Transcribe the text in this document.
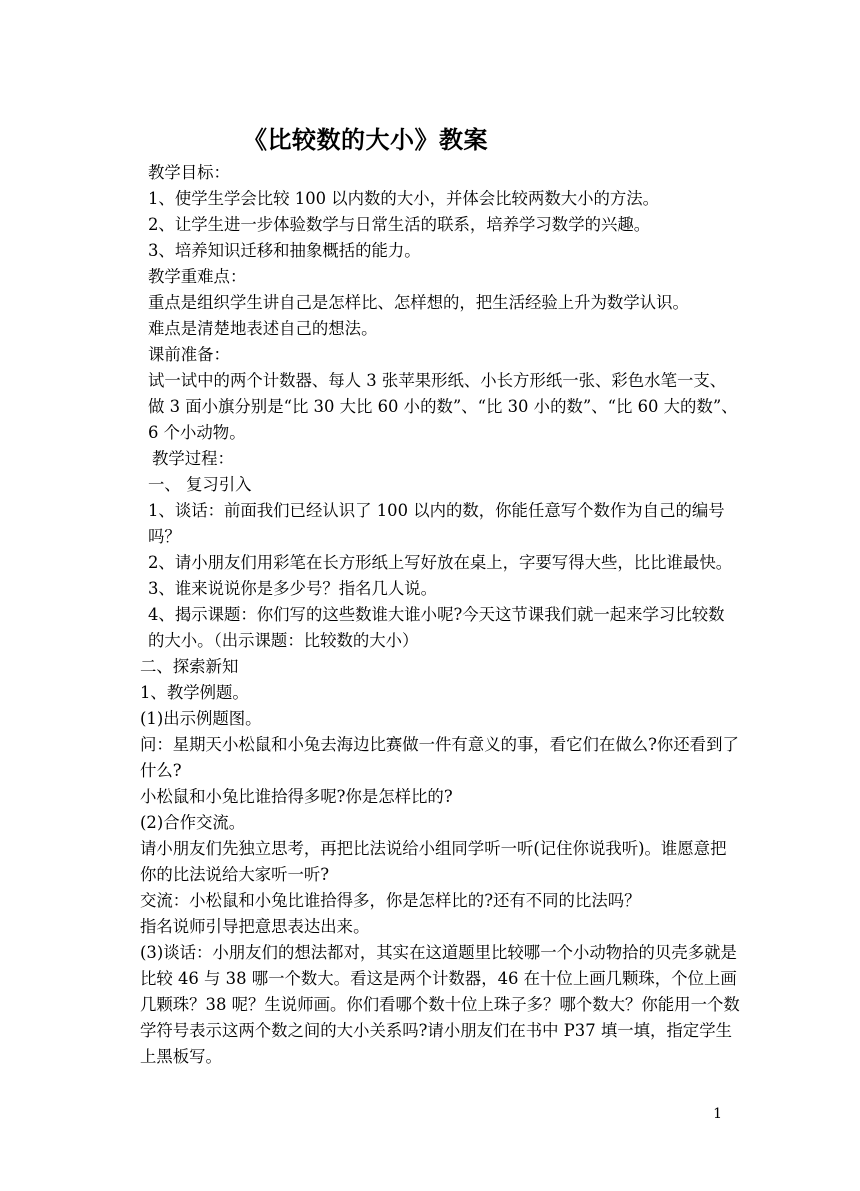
《比较数的大小》教案

教学目标：

1、使学生学会比较 100 以内数的大小，并体会比较两数大小的方法。

2、让学生进一步体验数学与日常生活的联系，培养学习数学的兴趣。

3、培养知识迁移和抽象概括的能力。

教学重难点：

重点是组织学生讲自己是怎样比、怎样想的，把生活经验上升为数学认识。

难点是清楚地表述自己的想法。

课前准备：

试一试中的两个计数器、每人 3 张苹果形纸、小长方形纸一张、彩色水笔一支、做 3 面小旗分别是“比 30 大比 60 小的数”、“比 30 小的数”、“比 60 大的数”、6 个小动物。

教学过程：

一、 复习引入

1、谈话：前面我们已经认识了 100 以内的数，你能任意写个数作为自己的编号吗？

2、请小朋友们用彩笔在长方形纸上写好放在桌上，字要写得大些，比比谁最快。

3、谁来说说你是多少号？指名几人说。

4、揭示课题：你们写的这些数谁大谁小呢?今天这节课我们就一起来学习比较数的大小。（出示课题：比较数的大小）

二、探索新知

1、教学例题。

(1)出示例题图。

问：星期天小松鼠和小兔去海边比赛做一件有意义的事，看它们在做么?你还看到了什么?

小松鼠和小兔比谁拾得多呢?你是怎样比的?

(2)合作交流。

请小朋友们先独立思考，再把比法说给小组同学听一听(记住你说我听)。谁愿意把你的比法说给大家听一听?

交流：小松鼠和小兔比谁拾得多，你是怎样比的?还有不同的比法吗？

指名说师引导把意思表达出来。

(3)谈话：小朋友们的想法都对，其实在这道题里比较哪一个小动物拾的贝壳多就是比较 46 与 38 哪一个数大。看这是两个计数器，46 在十位上画几颗珠，个位上画几颗珠？38 呢？生说师画。你们看哪个数十位上珠子多？哪个数大？你能用一个数学符号表示这两个数之间的大小关系吗?请小朋友们在书中 P37 填一填，指定学生上黑板写。

1
